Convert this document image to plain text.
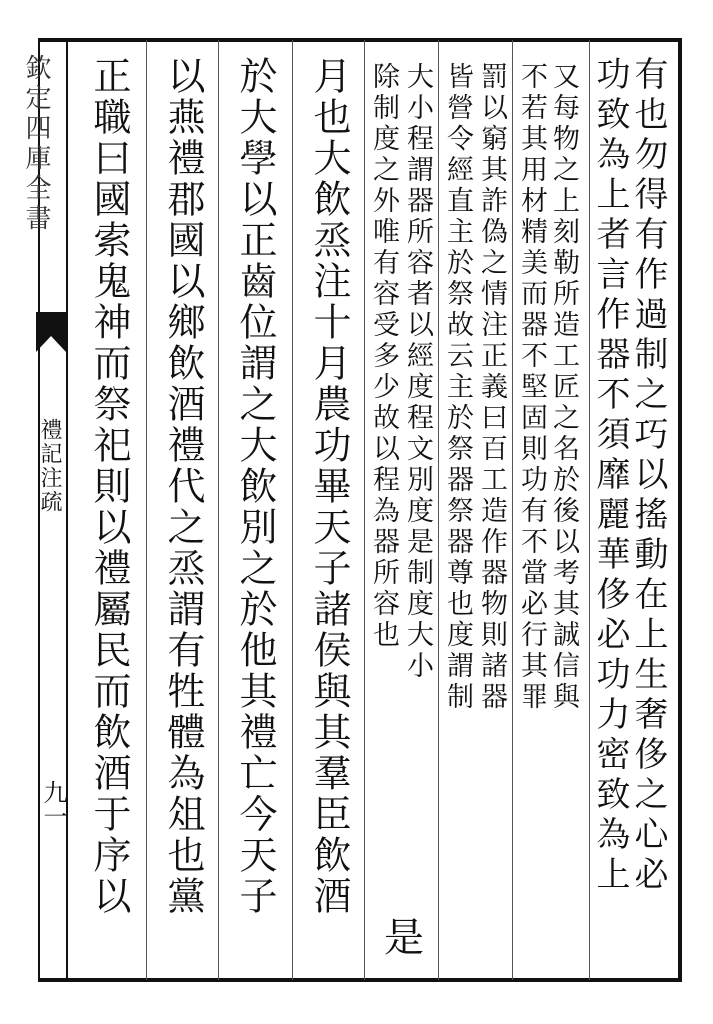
欽定四庫全書
禮記注疏
九一	有也勿得有作過制之巧以搖動在上生奢侈之心必
又每物之上刻勒所造工匠之名於後以考其誠信與
不若其用材精美而器不堅固則功有不當必行其罪
罰以窮其詐偽之情注正義曰百工造作器物則諸器
皆營令經直主於祭故云主於祭器祭器尊也度謂制
大小程謂器所容者以經度程文別度是制度大小
除制度之外唯有容受多少故以程為器所容也
是
月也大飲烝注十月農功畢天子諸侯與其羣臣飲酒
於大學以正齒位謂之大飲別之於他其禮亡今天子
以燕禮郡國以鄉飲酒禮代之烝謂有牲體為俎也黨
正職曰國索鬼神而祭祀則以禮屬民而飲酒于序以	功致為上者言作器不須靡麗華侈必功力密致為上
